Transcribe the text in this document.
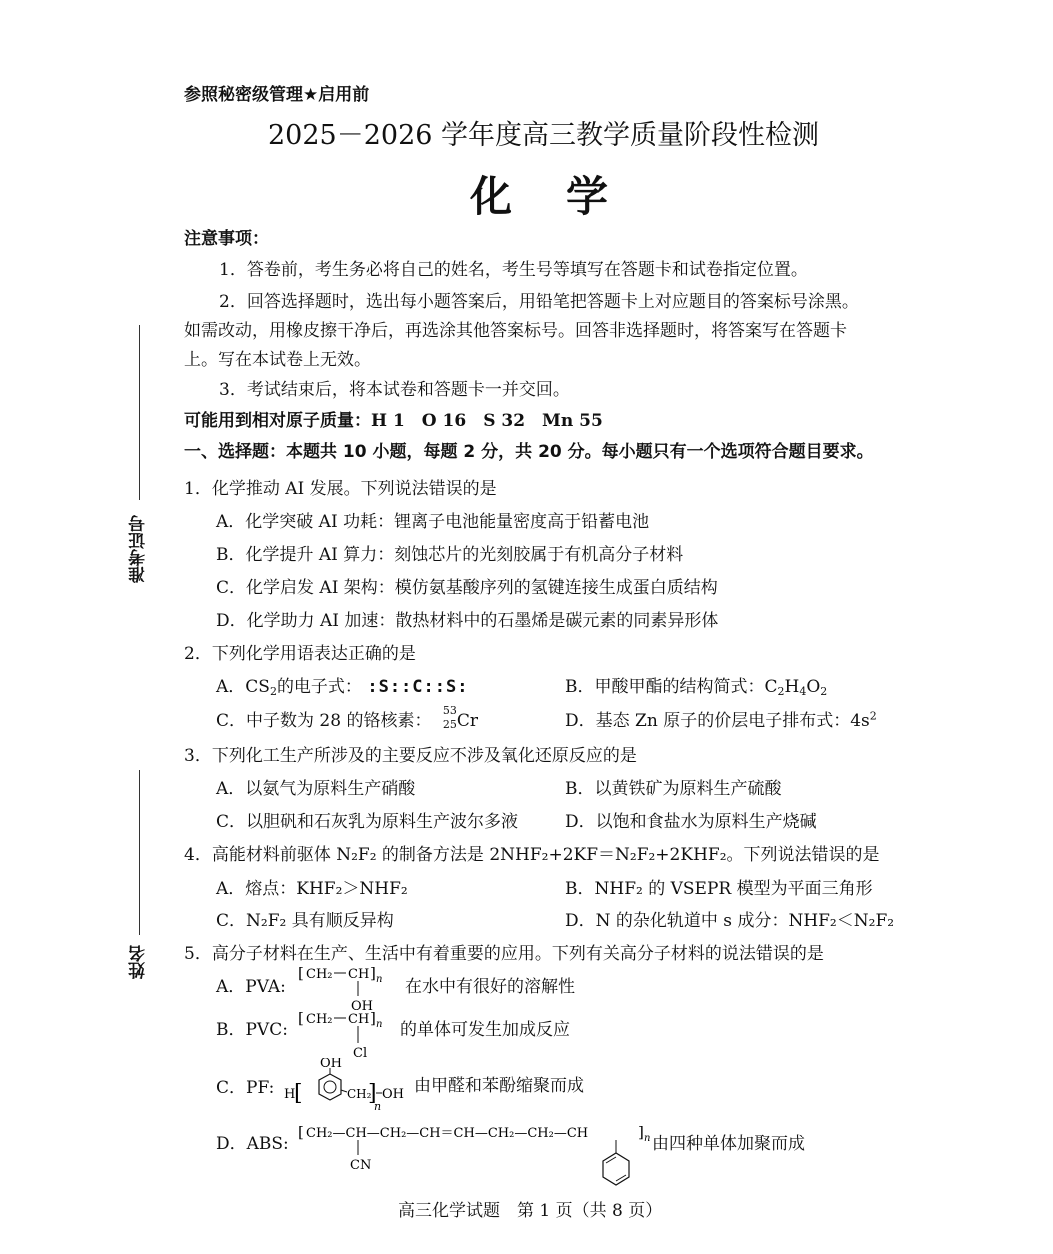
准考证号
姓名
参照秘密级管理★启用前
2025－2026 学年度高三教学质量阶段性检测
化　学
注意事项：
1．答卷前，考生务必将自己的姓名，考生号等填写在答题卡和试卷指定位置。
2．回答选择题时，选出每小题答案后，用铅笔把答题卡上对应题目的答案标号涂黑。
如需改动，用橡皮擦干净后，再选涂其他答案标号。回答非选择题时，将答案写在答题卡
上。写在本试卷上无效。
3．考试结束后，将本试卷和答题卡一并交回。
可能用到相对原子质量：H 1　O 16　S 32　Mn 55
一、选择题：本题共 10 小题，每题 2 分，共 20 分。每小题只有一个选项符合题目要求。
1．化学推动 AI 发展。下列说法错误的是
A．化学突破 AI 功耗：锂离子电池能量密度高于铅蓄电池
B．化学提升 AI 算力：刻蚀芯片的光刻胶属于有机高分子材料
C．化学启发 AI 架构：模仿氨基酸序列的氢键连接生成蛋白质结构
D．化学助力 AI 加速：散热材料中的石墨烯是碳元素的同素异形体
2．下列化学用语表达正确的是
A．$CS_2$的电子式： :S::C::S:	B．甲酸甲酯的结构简式：$C_2H_4O_2$
C．中子数为 28 的铬核素：
53
25 Cr	D．基态 Zn 原子的价层电子排布式：$4s^2$
3．下列化工生产所涉及的主要反应不涉及氧化还原反应的是
A．以氨气为原料生产硝酸	B．以黄铁矿为原料生产硫酸
C．以胆矾和石灰乳为原料生产波尔多液	D．以饱和食盐水为原料生产烧碱
4．高能材料前驱体 N₂F₂ 的制备方法是 2NHF₂+2KF＝N₂F₂+2KHF₂。下列说法错误的是
A．熔点：KHF₂＞NHF₂	B．NHF₂ 的 VSEPR 模型为平面三角形
C．N₂F₂ 具有顺反异构	D．N 的杂化轨道中 s 成分：NHF₂＜N₂F₂
5．高分子材料在生产、生活中有着重要的应用。下列有关高分子材料的说法错误的是
A．PVA:
[ CH₂ CH ] n
OH
在水中有很好的溶解性
B．PVC:
[ CH₂ CH ] n
Cl
的单体可发生加成反应
C．PF: H
[
OH
CH₂
]
n
OH 由甲醛和苯酚缩聚而成
D．ABS:
[ CH₂—CH—CH₂—CH＝CH—CH₂—CH₂—CH	] n
CN
由四种单体加聚而成
高三化学试题　第 1 页（共 8 页）
